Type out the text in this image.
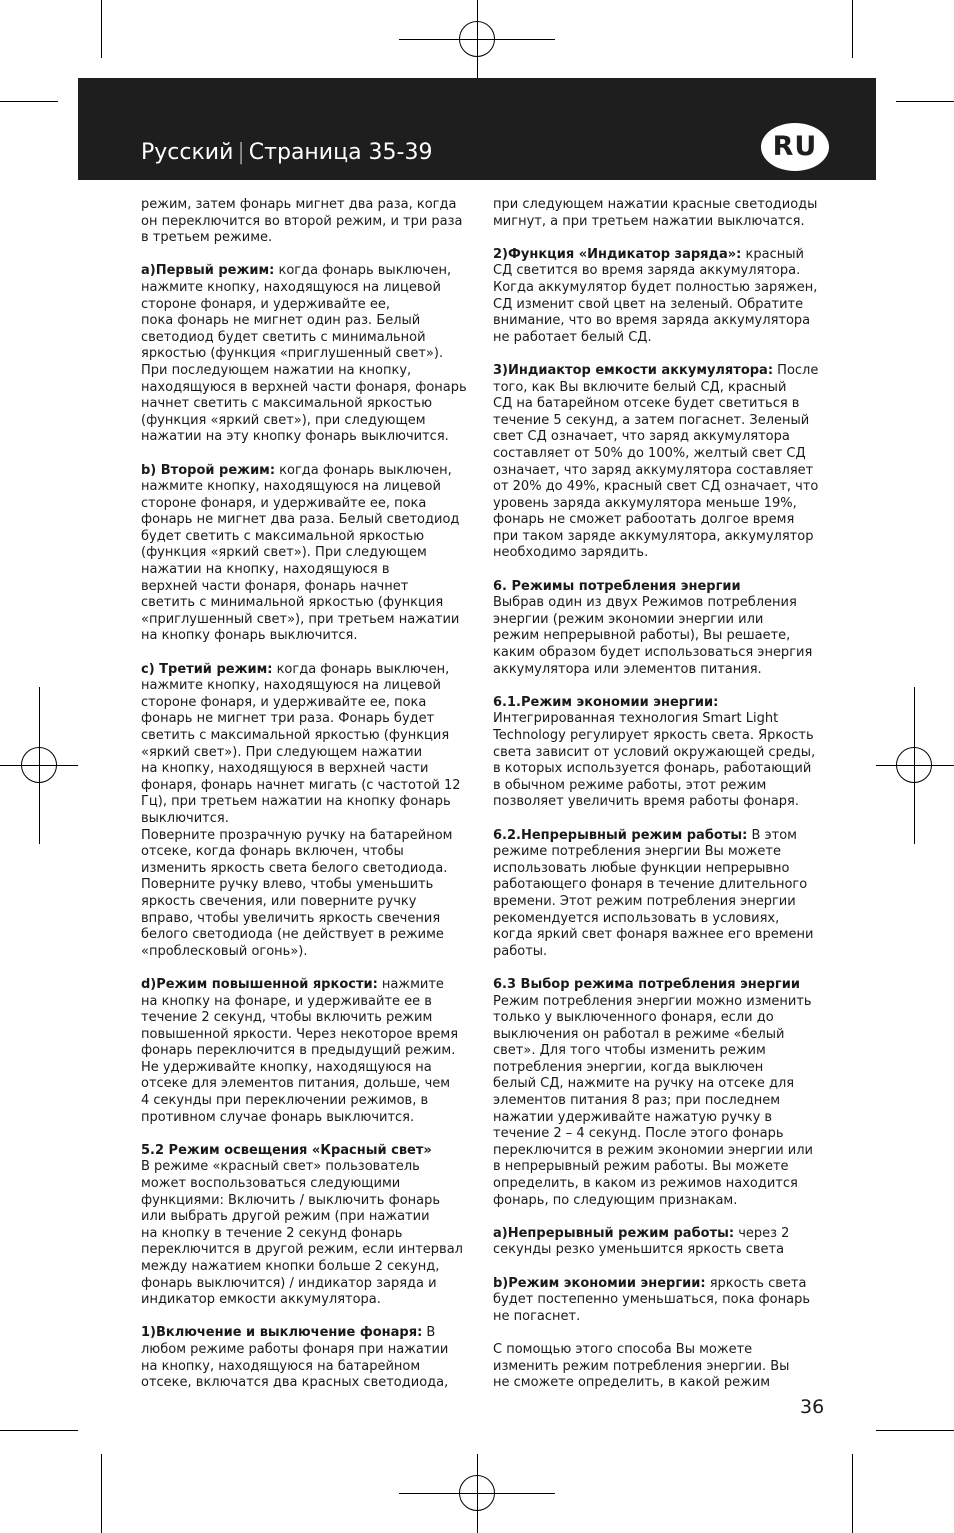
Русский | Страница 35-39	RU

режим, затем фонарь мигнет два раза, когда
он переключится во второй режим, и три раза
в третьем режиме.

a)Первый режим: когда фонарь выключен,
нажмите кнопку, находящуюся на лицевой
стороне фонаря, и удерживайте ее,
пока фонарь не мигнет один раз. Белый
светодиод будет светить с минимальной
яркостью (функция «приглушенный свет»).
При последующем нажатии на кнопку,
находящуюся в верхней части фонаря, фонарь
начнет светить с максимальной яркостью
(функция «яркий свет»), при следующем
нажатии на эту кнопку фонарь выключится.

b) Второй режим: когда фонарь выключен,
нажмите кнопку, находящуюся на лицевой
стороне фонаря, и удерживайте ее, пока
фонарь не мигнет два раза. Белый светодиод
будет светить с максимальной яркостью
(функция «яркий свет»). При следующем
нажатии на кнопку, находящуюся в
верхней части фонаря, фонарь начнет
светить с минимальной яркостью (функция
«приглушенный свет»), при третьем нажатии
на кнопку фонарь выключится.

c) Третий режим: когда фонарь выключен,
нажмите кнопку, находящуюся на лицевой
стороне фонаря, и удерживайте ее, пока
фонарь не мигнет три раза. Фонарь будет
светить с максимальной яркостью (функция
«яркий свет»). При следующем нажатии
на кнопку, находящуюся в верхней части
фонаря, фонарь начнет мигать (с частотой 12
Гц), при третьем нажатии на кнопку фонарь
выключится.

Поверните прозрачную ручку на батарейном
отсеке, когда фонарь включен, чтобы
изменить яркость света белого светодиода.
Поверните ручку влево, чтобы уменьшить
яркость свечения, или поверните ручку
вправо, чтобы увеличить яркость свечения
белого светодиода (не действует в режиме
«проблесковый огонь»).

d)Режим повышенной яркости: нажмите
на кнопку на фонаре, и удерживайте ее в
течение 2 секунд, чтобы включить режим
повышенной яркости. Через некоторое время
фонарь переключится в предыдущий режим.
Не удерживайте кнопку, находящуюся на
отсеке для элементов питания, дольше, чем
4 секунды при переключении режимов, в
противном случае фонарь выключится.

5.2 Режим освещения «Красный свет»
В режиме «красный свет» пользователь
может воспользоваться следующими
функциями: Включить / выключить фонарь
или выбрать другой режим (при нажатии
на кнопку в течение 2 секунд фонарь
переключится в другой режим, если интервал
между нажатием кнопки больше 2 секунд,
фонарь выключится) / индикатор заряда и
индикатор емкости аккумулятора.

1)Включение и выключение фонаря: В
любом режиме работы фонаря при нажатии
на кнопку, находящуюся на батарейном
отсеке, включатся два красных светодиода,

при следующем нажатии красные светодиоды
мигнут, а при третьем нажатии выключатся.

2)Функция «Индикатор заряда»: красный
СД светится во время заряда аккумулятора.
Когда аккумулятор будет полностью заряжен,
СД изменит свой цвет на зеленый. Обратите
внимание, что во время заряда аккумулятора
не работает белый СД.

3)Индиактор емкости аккумулятора: После
того, как Вы включите белый СД, красный
СД на батарейном отсеке будет светиться в
течение 5 секунд, а затем погаснет. Зеленый
свет СД означает, что заряд аккумулятора
составляет от 50% до 100%, желтый свет СД
означает, что заряд аккумулятора составляет
от 20% до 49%, красный свет СД означает, что
уровень заряда аккумулятора меньше 19%,
фонарь не сможет рабоотать долгое время
при таком заряде аккумулятора, аккумулятор
необходимо зарядить.

6. Режимы потребления энергии
Выбрав один из двух Режимов потребления
энергии (режим экономии энергии или
режим непрерывной работы), Вы решаете,
каким образом будет использоваться энергия
аккумулятора или элементов питания.

6.1.Режим экономии энергии:
Интегрированная технология Smart Light
Technology регулирует яркость света. Яркость
света зависит от условий окружающей среды,
в которых используется фонарь, работающий
в обычном режиме работы, этот режим
позволяет увеличить время работы фонаря.

6.2.Непрерывный режим работы: В этом
режиме потребления энергии Вы можете
использовать любые функции непрерывно
работающего фонаря в течение длительного
времени. Этот режим потребления энергии
рекомендуется использовать в условиях,
когда яркий свет фонаря важнее его времени
работы.

6.3 Выбор режима потребления энергии
Режим потребления энергии можно изменить
только у выключенного фонаря, если до
выключения он работал в режиме «белый
свет». Для того чтобы изменить режим
потребления энергии, когда выключен
белый СД, нажмите на ручку на отсеке для
элементов питания 8 раз; при последнем
нажатии удерживайте нажатую ручку в
течение 2 – 4 секунд. После этого фонарь
переключится в режим экономии энергии или
в непрерывный режим работы. Вы можете
определить, в каком из режимов находится
фонарь, по следующим признакам.

a)Непрерывный режим работы: через 2
секунды резко уменьшится яркость света

b)Режим экономии энергии: яркость света
будет постепенно уменьшаться, пока фонарь
не погаснет.

С помощью этого способа Вы можете
изменить режим потребления энергии. Вы
не сможете определить, в какой режим

36
